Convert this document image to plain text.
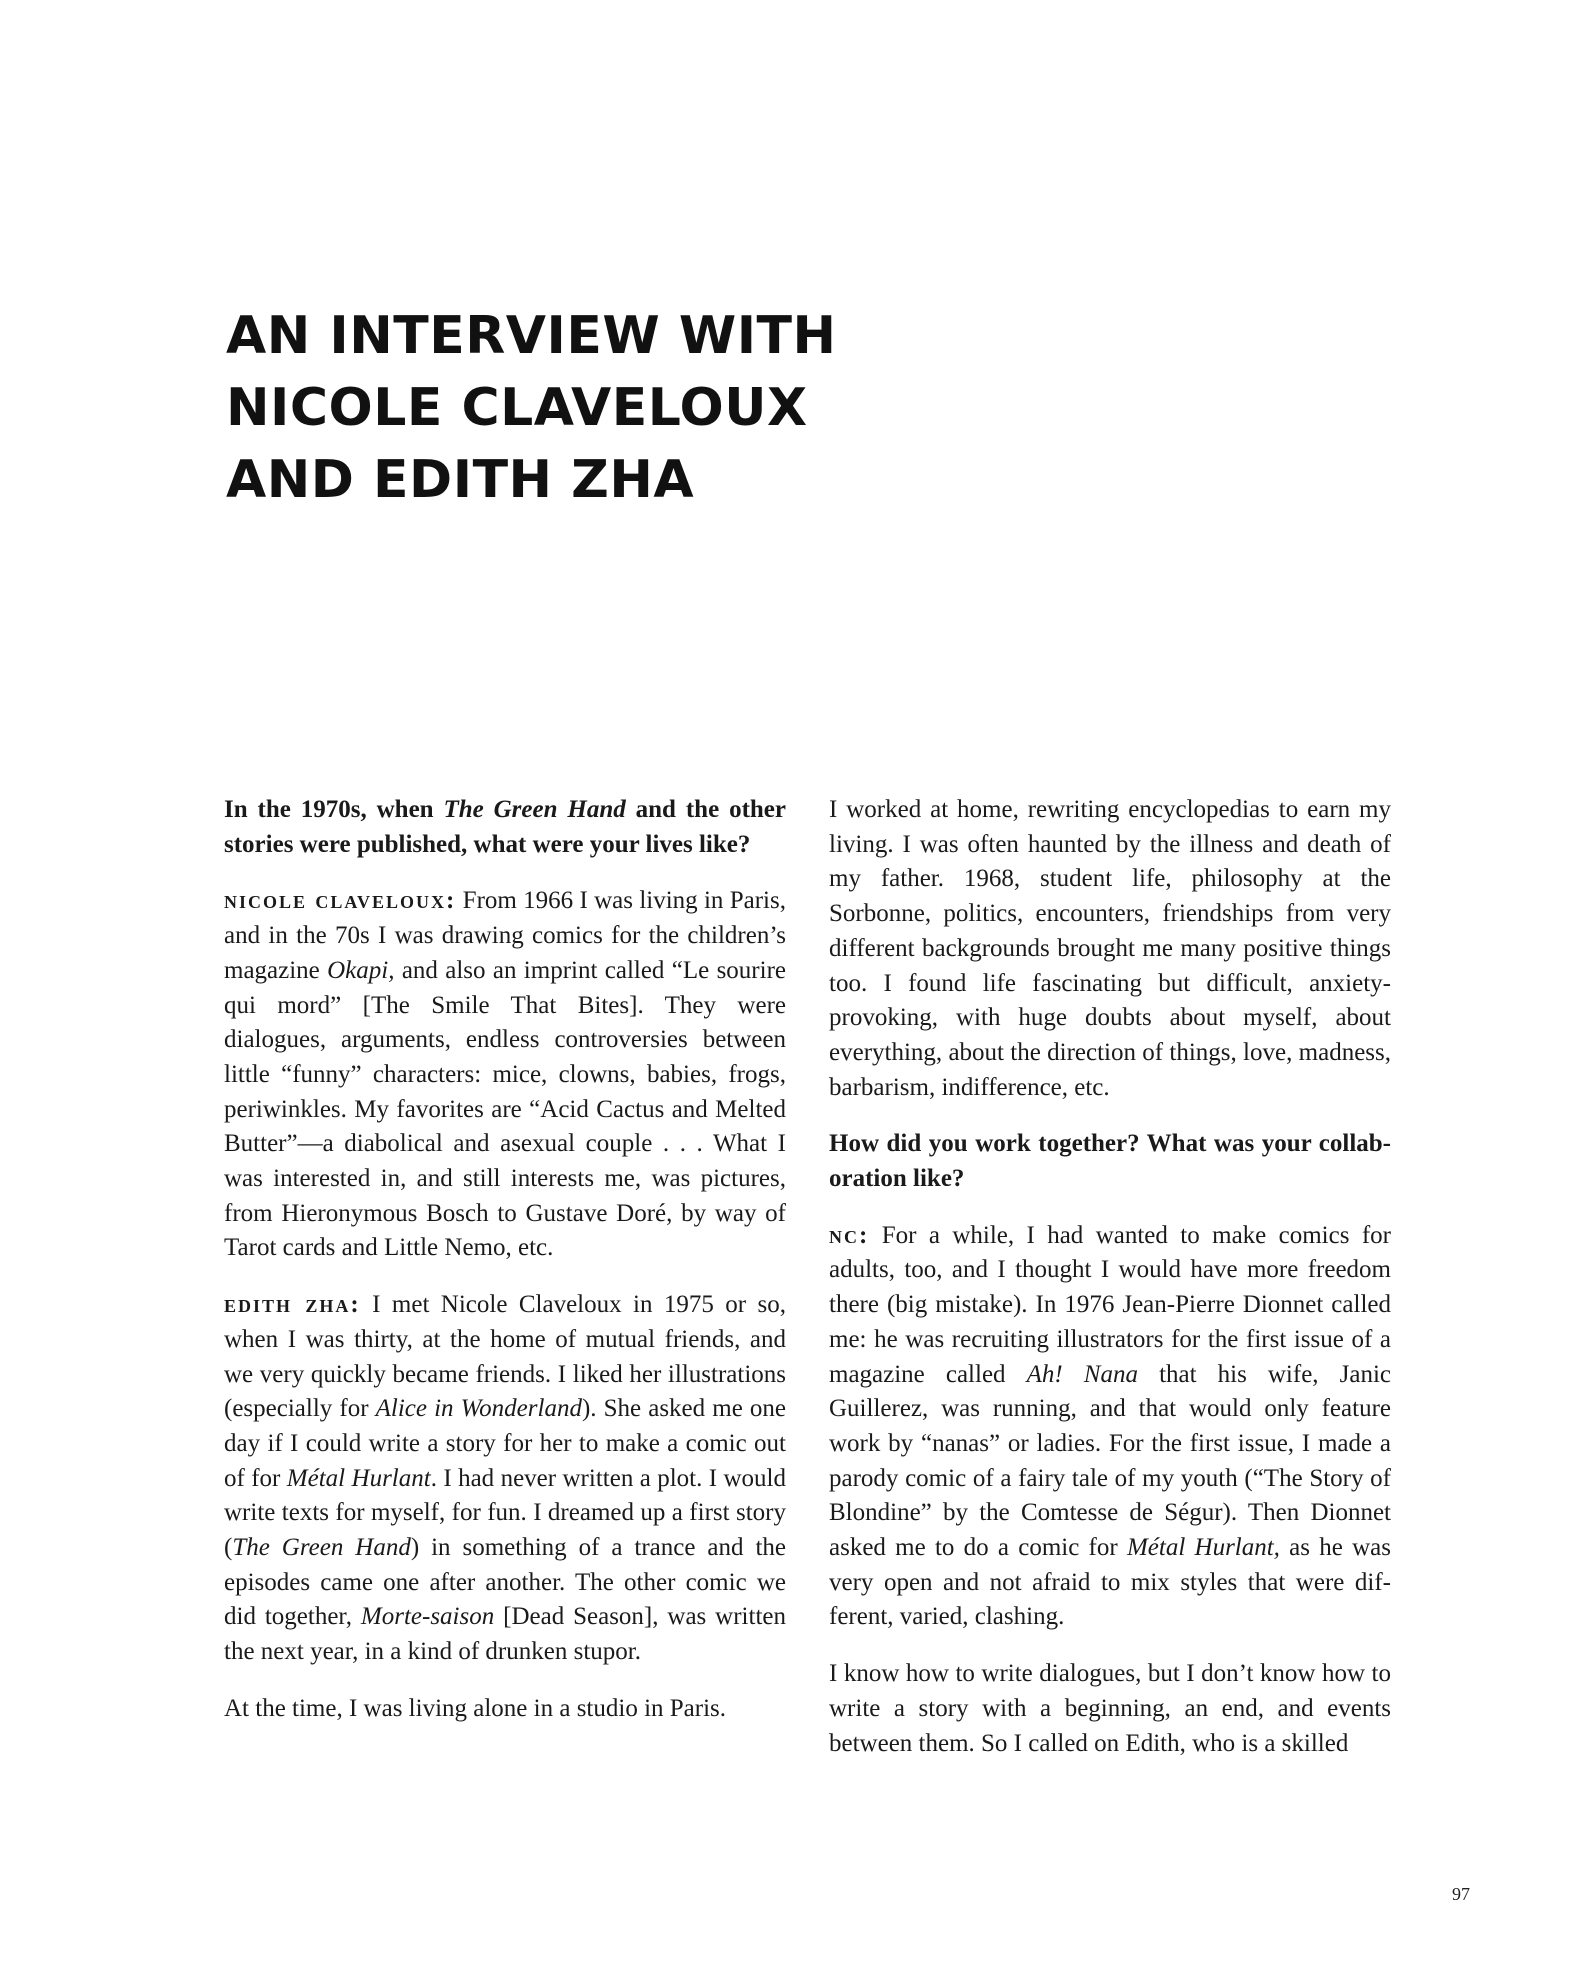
AN INTERVIEW WITH
NICOLE CLAVELOUX
AND EDITH ZHA

In the 1970s, when The Green Hand and the other stories were published, what were your lives like?

nicole claveloux: From 1966 I was living in Paris, and in the 70s I was drawing comics for the children’s magazine Okapi, and also an imprint called “Le sourire qui mord” [The Smile That Bites]. They were dialogues, arguments, endless controversies between little “funny” characters: mice, clowns, babies, frogs, periwinkles. My favorites are “Acid Cactus and Melted Butter”—a diabolical and asexual couple . . . What I was interested in, and still interests me, was pictures, from Hieronymous Bosch to Gustave Doré, by way of Tarot cards and Little Nemo, etc.

edith zha: I met Nicole Claveloux in 1975 or so, when I was thirty, at the home of mutual friends, and we very quickly became friends. I liked her illustrations (especially for Alice in Wonderland). She asked me one day if I could write a story for her to make a comic out of for Métal Hurlant. I had never written a plot. I would write texts for myself, for fun. I dreamed up a first story (The Green Hand) in something of a trance and the episodes came one after another. The other comic we did together, Morte-saison [Dead Season], was written the next year, in a kind of drunken stupor.

At the time, I was living alone in a studio in Paris.

I worked at home, rewriting encyclopedias to earn my living. I was often haunted by the illness and death of my father. 1968, student life, philosophy at the Sorbonne, politics, encounters, friendships from very different backgrounds brought me many positive things too. I found life fascinating but difficult, anxiety-provoking, with huge doubts about myself, about everything, about the direction of things, love, madness, barbarism, indifference, etc.

How did you work together? What was your collaboration like?

nc: For a while, I had wanted to make comics for adults, too, and I thought I would have more freedom there (big mistake). In 1976 Jean-Pierre Dionnet called me: he was recruiting illustrators for the first issue of a magazine called Ah! Nana that his wife, Janic Guillerez, was running, and that would only feature work by “nanas” or ladies. For the first issue, I made a parody comic of a fairy tale of my youth (“The Story of Blondine” by the Comtesse de Ségur). Then Dionnet asked me to do a comic for Métal Hurlant, as he was very open and not afraid to mix styles that were different, varied, clashing.

I know how to write dialogues, but I don’t know how to write a story with a beginning, an end, and events between them. So I called on Edith, who is a skilled

97
